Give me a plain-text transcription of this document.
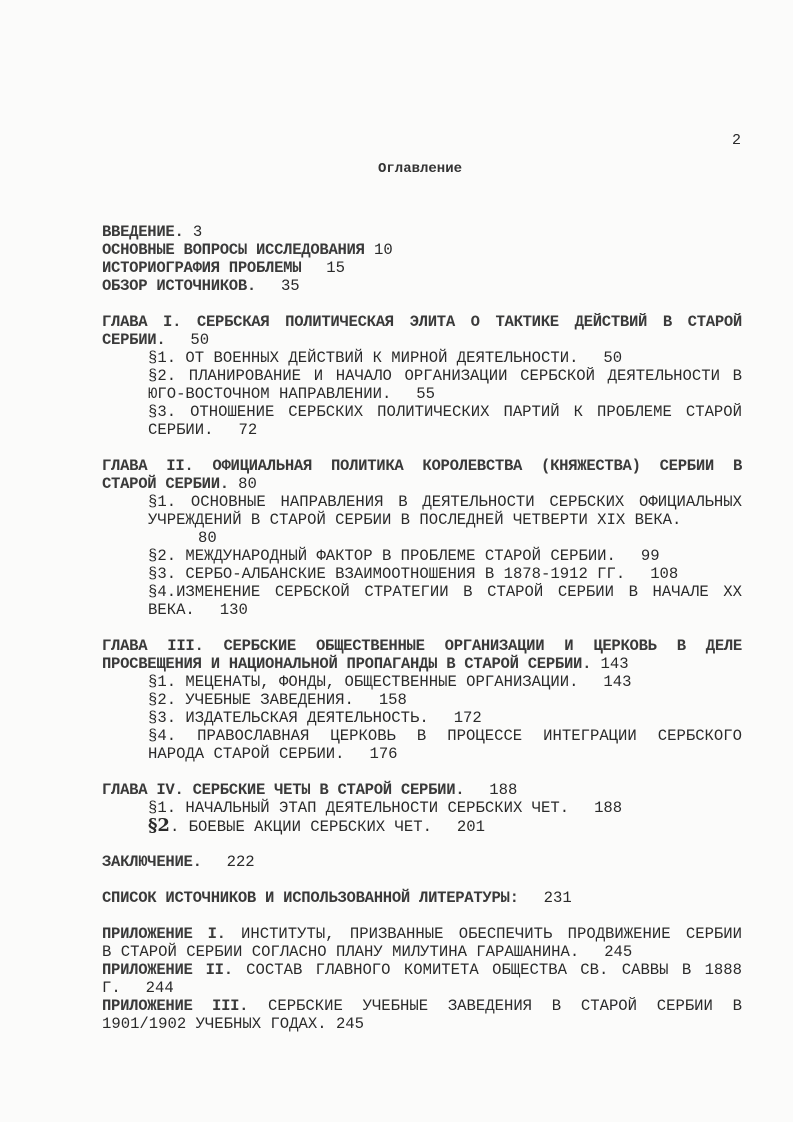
2
Оглавление
ВВЕДЕНИЕ. 3
ОСНОВНЫЕ ВОПРОСЫ ИССЛЕДОВАНИЯ 10
ИСТОРИОГРАФИЯ ПРОБЛЕМЫ 15
ОБЗОР ИСТОЧНИКОВ. 35
ГЛАВА I. СЕРБСКАЯ ПОЛИТИЧЕСКАЯ ЭЛИТА О ТАКТИКЕ ДЕЙСТВИЙ В СТАРОЙ
СЕРБИИ. 50
§1. ОТ ВОЕННЫХ ДЕЙСТВИЙ К МИРНОЙ ДЕЯТЕЛЬНОСТИ. 50
§2. ПЛАНИРОВАНИЕ И НАЧАЛО ОРГАНИЗАЦИИ СЕРБСКОЙ ДЕЯТЕЛЬНОСТИ В
ЮГО-ВОСТОЧНОМ НАПРАВЛЕНИИ. 55
§3. ОТНОШЕНИЕ СЕРБСКИХ ПОЛИТИЧЕСКИХ ПАРТИЙ К ПРОБЛЕМЕ СТАРОЙ
СЕРБИИ. 72
ГЛАВА II. ОФИЦИАЛЬНАЯ ПОЛИТИКА КОРОЛЕВСТВА (КНЯЖЕСТВА) СЕРБИИ В
СТАРОЙ СЕРБИИ. 80
§1. ОСНОВНЫЕ НАПРАВЛЕНИЯ В ДЕЯТЕЛЬНОСТИ СЕРБСКИХ ОФИЦИАЛЬНЫХ
УЧРЕЖДЕНИЙ В СТАРОЙ СЕРБИИ В ПОСЛЕДНЕЙ ЧЕТВЕРТИ XIX ВЕКА.
80
§2. МЕЖДУНАРОДНЫЙ ФАКТОР В ПРОБЛЕМЕ СТАРОЙ СЕРБИИ. 99
§3. СЕРБО-АЛБАНСКИЕ ВЗАИМООТНОШЕНИЯ В 1878-1912 ГГ. 108
§4.ИЗМЕНЕНИЕ СЕРБСКОЙ СТРАТЕГИИ В СТАРОЙ СЕРБИИ В НАЧАЛЕ XX
ВЕКА. 130
ГЛАВА III. СЕРБСКИЕ ОБЩЕСТВЕННЫЕ ОРГАНИЗАЦИИ И ЦЕРКОВЬ В ДЕЛЕ
ПРОСВЕЩЕНИЯ И НАЦИОНАЛЬНОЙ ПРОПАГАНДЫ В СТАРОЙ СЕРБИИ. 143
§1. МЕЦЕНАТЫ, ФОНДЫ, ОБЩЕСТВЕННЫЕ ОРГАНИЗАЦИИ. 143
§2. УЧЕБНЫЕ ЗАВЕДЕНИЯ. 158
§3. ИЗДАТЕЛЬСКАЯ ДЕЯТЕЛЬНОСТЬ. 172
§4. ПРАВОСЛАВНАЯ ЦЕРКОВЬ В ПРОЦЕССЕ ИНТЕГРАЦИИ СЕРБСКОГО
НАРОДА СТАРОЙ СЕРБИИ. 176
ГЛАВА IV. СЕРБСКИЕ ЧЕТЫ В СТАРОЙ СЕРБИИ. 188
§1. НАЧАЛЬНЫЙ ЭТАП ДЕЯТЕЛЬНОСТИ СЕРБСКИХ ЧЕТ. 188
§2. БОЕВЫЕ АКЦИИ СЕРБСКИХ ЧЕТ. 201
ЗАКЛЮЧЕНИЕ. 222
СПИСОК ИСТОЧНИКОВ И ИСПОЛЬЗОВАННОЙ ЛИТЕРАТУРЫ: 231
ПРИЛОЖЕНИЕ I. ИНСТИТУТЫ, ПРИЗВАННЫЕ ОБЕСПЕЧИТЬ ПРОДВИЖЕНИЕ СЕРБИИ
В СТАРОЙ СЕРБИИ СОГЛАСНО ПЛАНУ МИЛУТИНА ГАРАШАНИНА. 245
ПРИЛОЖЕНИЕ II. СОСТАВ ГЛАВНОГО КОМИТЕТА ОБЩЕСТВА СВ. САВВЫ В 1888
Г. 244
ПРИЛОЖЕНИЕ III. СЕРБСКИЕ УЧЕБНЫЕ ЗАВЕДЕНИЯ В СТАРОЙ СЕРБИИ В
1901/1902 УЧЕБНЫХ ГОДАХ. 245
